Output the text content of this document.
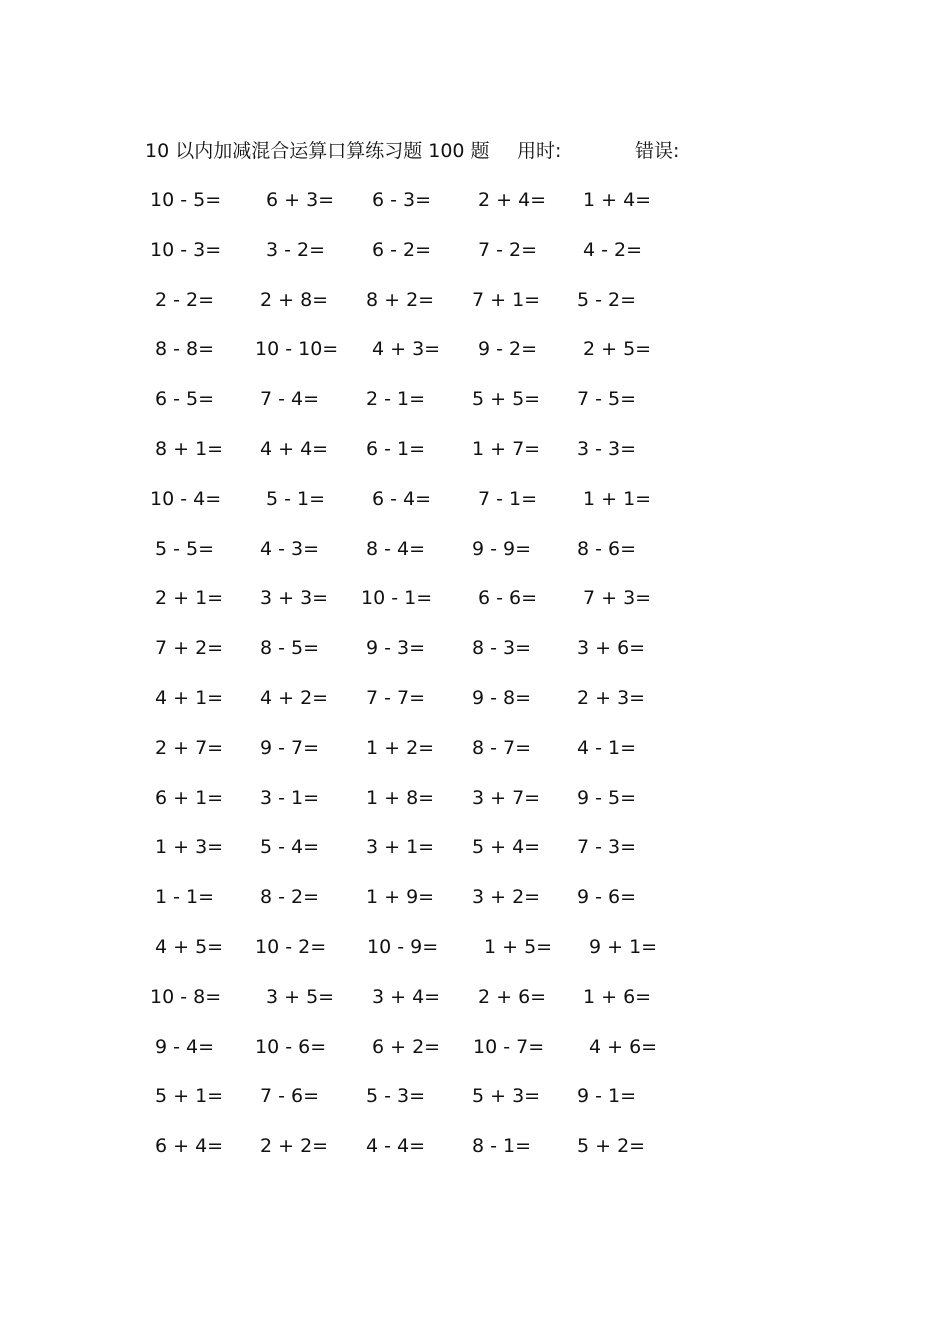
10 以内加减混合运算口算练习题 100 题 用时:	错误:
10 - 5= 6 + 3= 6 - 3= 2 + 4= 1 + 4=
10 - 3= 3 - 2= 6 - 2= 7 - 2= 4 - 2=
2 - 2= 2 + 8= 8 + 2= 7 + 1= 5 - 2=
8 - 8= 10 - 10= 4 + 3= 9 - 2= 2 + 5=
6 - 5= 7 - 4= 2 - 1= 5 + 5= 7 - 5=
8 + 1= 4 + 4= 6 - 1= 1 + 7= 3 - 3=
10 - 4= 5 - 1= 6 - 4= 7 - 1= 1 + 1=
5 - 5= 4 - 3= 8 - 4= 9 - 9= 8 - 6=
2 + 1= 3 + 3= 10 - 1= 6 - 6= 7 + 3=
7 + 2= 8 - 5= 9 - 3= 8 - 3= 3 + 6=
4 + 1= 4 + 2= 7 - 7= 9 - 8= 2 + 3=
2 + 7= 9 - 7= 1 + 2= 8 - 7= 4 - 1=
6 + 1= 3 - 1= 1 + 8= 3 + 7= 9 - 5=
1 + 3= 5 - 4= 3 + 1= 5 + 4= 7 - 3=
1 - 1= 8 - 2= 1 + 9= 3 + 2= 9 - 6=
4 + 5= 10 - 2= 10 - 9= 1 + 5= 9 + 1=
10 - 8= 3 + 5= 3 + 4= 2 + 6= 1 + 6=
9 - 4= 10 - 6= 6 + 2= 10 - 7= 4 + 6=
5 + 1= 7 - 6= 5 - 3= 5 + 3= 9 - 1=
6 + 4= 2 + 2= 4 - 4= 8 - 1= 5 + 2=
